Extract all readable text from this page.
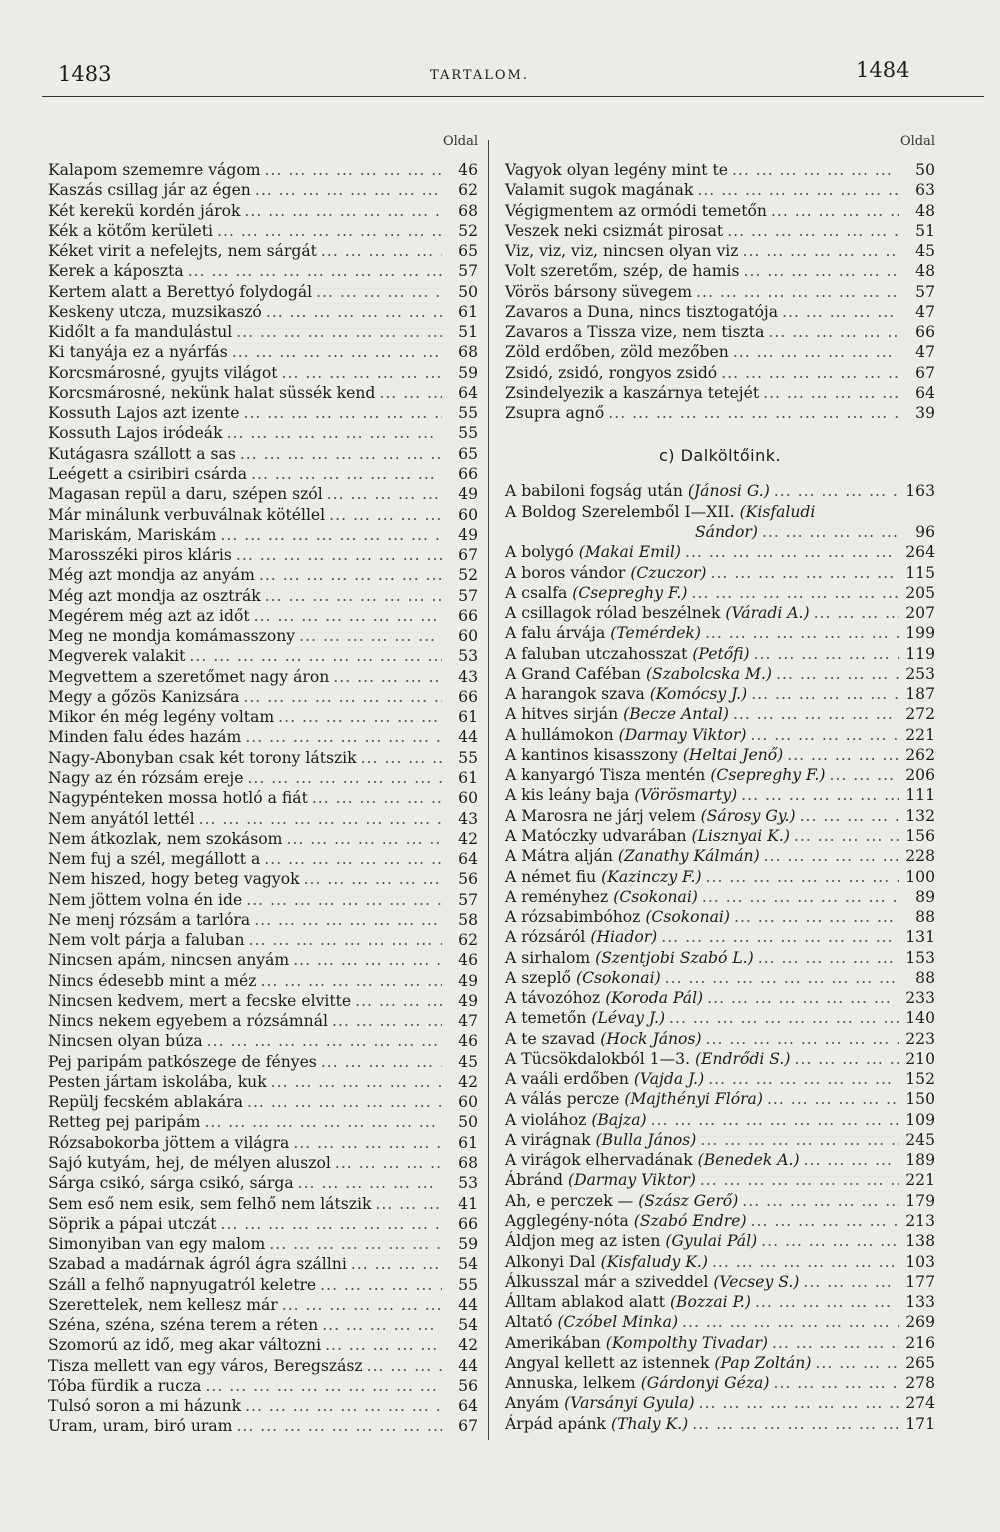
1483	TARTALOM.	1484
Oldal
Kalapom szememre vágom ... .	46
Kaszás csillag jár az égen ... .	62
Két kerekü kordén járok ... .	68
Kék a kötőm kerületi ... .	52
Kéket virit a nefelejts, nem sárgát ... .	65
Kerek a káposzta ... .	57
Kertem alatt a Berettyó folydogál ... .	50
Keskeny utcza, muzsikaszó ... .	61
Kidőlt a fa mandulástul ... .	51
Ki tanyája ez a nyárfás ... .	68
Korcsmárosné, gyujts világot ... .	59
Korcsmárosné, nekünk halat süssék kend ... .	64
Kossuth Lajos azt izente ... .	55
Kossuth Lajos iródeák ... .	55
Kutágasra szállott a sas ... .	65
Leégett a csiribiri csárda ... .	66
Magasan repül a daru, szépen szól ... .	49
Már minálunk verbuválnak kötéllel ... .	60
Mariskám, Mariskám ... .	49
Marosszéki piros kláris ... .	67
Még azt mondja az anyám ... .	52
Még azt mondja az osztrák ... .	57
Megérem még azt az időt ... .	66
Meg ne mondja komámasszony ... .	60
Megverek valakit ... .	53
Megvettem a szeretőmet nagy áron ... .	43
Megy a gőzös Kanizsára ... .	66
Mikor én még legény voltam ... .	61
Minden falu édes hazám ... .	44
Nagy-Abonyban csak két torony látszik ... .	55
Nagy az én rózsám ereje ... .	61
Nagypénteken mossa hotló a fiát ... .	60
Nem anyától lettél ... .	43
Nem átkozlak, nem szokásom ... .	42
Nem fuj a szél, megállott a ... .	64
Nem hiszed, hogy beteg vagyok ... .	56
Nem jöttem volna én ide ... .	57
Ne menj rózsám a tarlóra ... .	58
Nem volt párja a faluban ... .	62
Nincsen apám, nincsen anyám ... .	46
Nincs édesebb mint a méz ... .	49
Nincsen kedvem, mert a fecske elvitte ... .	49
Nincs nekem egyebem a rózsámnál ... .	47
Nincsen olyan búza ... .	46
Pej paripám patkószege de fényes ... .	45
Pesten jártam iskolába, kuk ... .	42
Repülj fecském ablakára ... .	60
Retteg pej paripám ... .	50
Rózsabokorba jöttem a világra ... .	61
Sajó kutyám, hej, de mélyen aluszol ... .	68
Sárga csikó, sárga csikó, sárga ... .	53
Sem eső nem esik, sem felhő nem látszik ... .	41
Söprik a pápai utczát ... .	66
Simonyiban van egy malom ... .	59
Szabad a madárnak ágról ágra szállni ... .	54
Száll a felhő napnyugatról keletre ... .	55
Szerettelek, nem kellesz már ... .	44
Széna, széna, széna terem a réten ... .	54
Szomorú az idő, meg akar változni ... .	42
Tisza mellett van egy város, Beregszász ... .	44
Tóba fürdik a rucza ... .	56
Tulsó soron a mi házunk ... .	64
Uram, uram, biró uram ... .	67
Oldal
Vagyok olyan legény mint te ... .	50
Valamit sugok magának ... .	63
Végigmentem az ormódi temetőn ... .	48
Veszek neki csizmát pirosat ... .	51
Viz, viz, viz, nincsen olyan viz ... .	45
Volt szeretőm, szép, de hamis ... .	48
Vörös bársony süvegem ... .	57
Zavaros a Duna, nincs tisztogatója ... .	47
Zavaros a Tissza vize, nem tiszta ... .	66
Zöld erdőben, zöld mezőben ... .	47
Zsidó, zsidó, rongyos zsidó ... .	67
Zsindelyezik a kaszárnya tetejét ... .	64
Zsupra agnő ... .	39
c) Dalköltőink.
A babiloni fogság után (Jánosi G.) ... .	163
A Boldog Szerelemből I—XII. (Kisfaludi
Sándor) ... .	96
A bolygó (Makai Emil) ... .	264
A boros vándor (Czuczor) ... .	115
A csalfa (Csepreghy F.) ... .	205
A csillagok rólad beszélnek (Váradi A.) ... .	207
A falu árvája (Temérdek) ... .	199
A faluban utczahosszat (Petőfi) ... .	119
A Grand Caféban (Szabolcska M.) ... .	253
A harangok szava (Komócsy J.) ... .	187
A hitves sirján (Becze Antal) ... .	272
A hullámokon (Darmay Viktor) ... .	221
A kantinos kisasszony (Heltai Jenő) ... .	262
A kanyargó Tisza mentén (Csepreghy F.) ... .	206
A kis leány baja (Vörösmarty) ... .	111
A Marosra ne járj velem (Sárosy Gy.) ... .	132
A Matóczky udvarában (Lisznyai K.) ... .	156
A Mátra alján (Zanathy Kálmán) ... .	228
A német fiu (Kazinczy F.) ... .	100
A reményhez (Csokonai) ... .	89
A rózsabimbóhoz (Csokonai) ... .	88
A rózsáról (Hiador) ... .	131
A sirhalom (Szentjobi Szabó L.) ... .	153
A szeplő (Csokonai) ... .	88
A távozóhoz (Koroda Pál) ... .	233
A temetőn (Lévay J.) ... .	140
A te szavad (Hock János) ... .	223
A Tücsökdalokból 1—3. (Endrődi S.) ... .	210
A vaáli erdőben (Vajda J.) ... .	152
A válás percze (Majthényi Flóra) ... .	150
A violához (Bajza) ... .	109
A virágnak (Bulla János) ... .	245
A virágok elhervadának (Benedek A.) ... .	189
Ábránd (Darmay Viktor) ... .	221
Ah, e perczek — (Szász Gerő) ... .	179
Agglegény-nóta (Szabó Endre) ... .	213
Áldjon meg az isten (Gyulai Pál) ... .	138
Alkonyi Dal (Kisfaludy K.) ... .	103
Álkusszal már a sziveddel (Vecsey S.) ... .	177
Álltam ablakod alatt (Bozzai P.) ... .	133
Altató (Czóbel Minka) ... .	269
Amerikában (Kompolthy Tivadar) ... .	216
Angyal kellett az istennek (Pap Zoltán) ... .	265
Annuska, lelkem (Gárdonyi Géza) ... .	278
Anyám (Varsányi Gyula) ... .	274
Árpád apánk (Thaly K.) ... .	171
